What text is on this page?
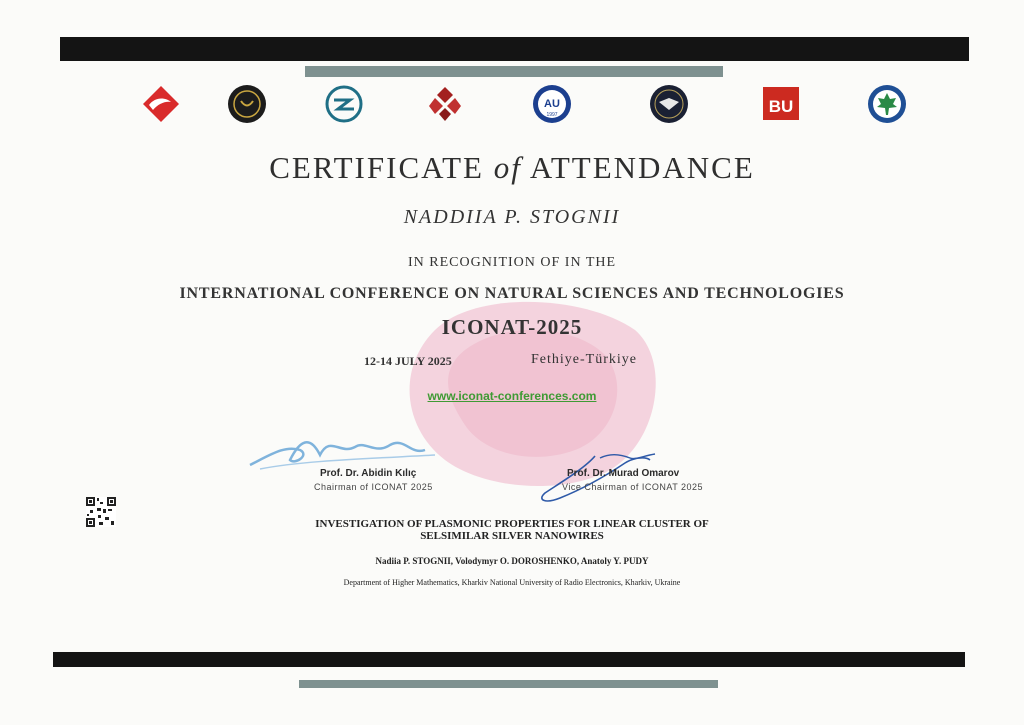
AU
1997	BU
CERTIFICATE of ATTENDANCE
NADDIIA P. STOGNII
IN RECOGNITION OF IN THE
INTERNATIONAL CONFERENCE ON NATURAL SCIENCES AND TECHNOLOGIES
ICONAT-2025
12-14 JULY 2025	Fethiye-Türkiye
www.iconat-conferences.com
Prof. Dr. Abidin Kılıç
Chairman of ICONAT 2025
Prof. Dr. Murad Omarov
Vice Chairman of ICONAT 2025
INVESTIGATION OF PLASMONIC PROPERTIES FOR LINEAR CLUSTER OF
SELSIMILAR SILVER NANOWIRES
Nadiia P. STOGNII, Volodymyr O. DOROSHENKO, Anatoly Y. PUDY
Department of Higher Mathematics, Kharkiv National University of Radio Electronics, Kharkiv, Ukraine
